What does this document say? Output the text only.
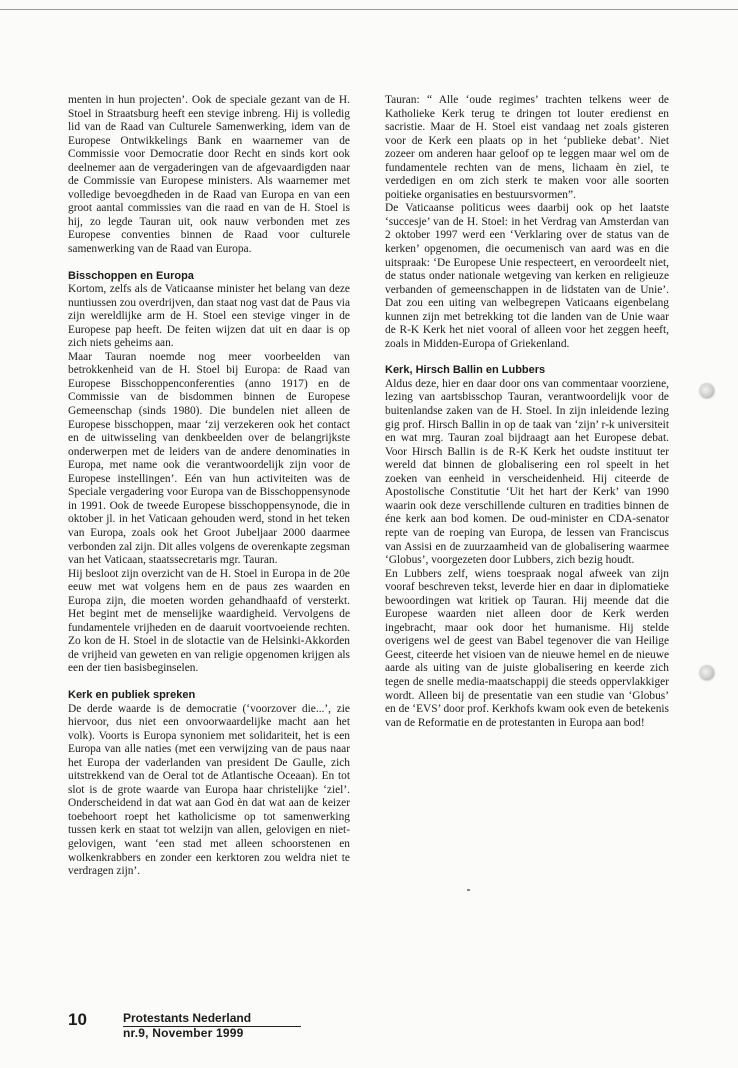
menten in hun projecten’. Ook de speciale gezant van de H. Stoel in Straatsburg heeft een stevige inbreng. Hij is volledig lid van de Raad van Culturele Samenwerking, idem van de Europese Ontwikkelings Bank en waarnemer van de Commissie voor Democratie door Recht en sinds kort ook deelnemer aan de vergaderingen van de afgevaardigden naar de Commissie van Europese ministers. Als waarnemer met volledige bevoegdheden in de Raad van Europa en van een groot aantal commissies van die raad en van de H. Stoel is hij, zo legde Tauran uit, ook nauw verbonden met zes Europese conventies binnen de Raad voor culturele samenwerking van de Raad van Europa.

Bisschoppen en Europa

Kortom, zelfs als de Vaticaanse minister het belang van deze nuntiussen zou overdrijven, dan staat nog vast dat de Paus via zijn wereldlijke arm de H. Stoel een stevige vinger in de Europese pap heeft. De feiten wijzen dat uit en daar is op zich niets geheims aan.

Maar Tauran noemde nog meer voorbeelden van betrokkenheid van de H. Stoel bij Europa: de Raad van Europese Bisschoppenconferenties (anno 1917) en de Commissie van de bisdommen binnen de Europese Gemeenschap (sinds 1980). Die bundelen niet alleen de Europese bisschoppen, maar ‘zij verzekeren ook het contact en de uitwisseling van denkbeelden over de belangrijkste onderwerpen met de leiders van de andere denominaties in Europa, met name ook die verantwoordelijk zijn voor de Europese instellingen’. Eén van hun activiteiten was de Speciale vergadering voor Europa van de Bisschoppensynode in 1991. Ook de tweede Europese bisschoppensynode, die in oktober jl. in het Vaticaan gehouden werd, stond in het teken van Europa, zoals ook het Groot Jubeljaar 2000 daarmee verbonden zal zijn. Dit alles volgens de overenkapte zegsman van het Vaticaan, staatssecretaris mgr. Tauran.

Hij besloot zijn overzicht van de H. Stoel in Europa in de 20e eeuw met wat volgens hem en de paus zes waarden en Europa zijn, die moeten worden gehandhaafd of versterkt. Het begint met de menselijke waardigheid. Vervolgens de fundamentele vrijheden en de daaruit voortvoeiende rechten. Zo kon de H. Stoel in de slotactie van de Helsinki-Akkorden de vrijheid van geweten en van religie opgenomen krijgen als een der tien basisbeginselen.

Kerk en publiek spreken

De derde waarde is de democratie (‘voorzover die...’, zie hiervoor, dus niet een onvoorwaardelijke macht aan het volk). Voorts is Europa synoniem met solidariteit, het is een Europa van alle naties (met een verwijzing van de paus naar het Europa der vaderlanden van president De Gaulle, zich uitstrekkend van de Oeral tot de Atlantische Oceaan). En tot slot is de grote waarde van Europa haar christelijke ‘ziel’. Onderscheidend in dat wat aan God èn dat wat aan de keizer toebehoort roept het katholicisme op tot samenwerking tussen kerk en staat tot welzijn van allen, gelovigen en niet-gelovigen, want ‘een stad met alleen schoorstenen en wolkenkrabbers en zonder een kerktoren zou weldra niet te verdragen zijn’.

Tauran: “ Alle ‘oude regimes’ trachten telkens weer de Katholieke Kerk terug te dringen tot louter eredienst en sacristie. Maar de H. Stoel eist vandaag net zoals gisteren voor de Kerk een plaats op in het ‘publieke debat’. Niet zozeer om anderen haar geloof op te leggen maar wel om de fundamentele rechten van de mens, lichaam èn ziel, te verdedigen en om zich sterk te maken voor alle soorten poitieke organisaties en bestuursvormen”.

De Vaticaanse politicus wees daarbij ook op het laatste ‘succesje’ van de H. Stoel: in het Verdrag van Amsterdan van 2 oktober 1997 werd een ‘Verklaring over de status van de kerken’ opgenomen, die oecumenisch van aard was en die uitspraak: ‘De Europese Unie respecteert, en veroordeelt niet, de status onder nationale wetgeving van kerken en religieuze verbanden of gemeenschappen in de lidstaten van de Unie’. Dat zou een uiting van welbegrepen Vaticaans eigenbelang kunnen zijn met betrekking tot die landen van de Unie waar de R-K Kerk het niet vooral of alleen voor het zeggen heeft, zoals in Midden-Europa of Griekenland.

Kerk, Hirsch Ballin en Lubbers

Aldus deze, hier en daar door ons van commentaar voorziene, lezing van aartsbisschop Tauran, verantwoordelijk voor de buitenlandse zaken van de H. Stoel. In zijn inleidende lezing gig prof. Hirsch Ballin in op de taak van ‘zijn’ r-k universiteit en wat mrg. Tauran zoal bijdraagt aan het Europese debat. Voor Hirsch Ballin is de R-K Kerk het oudste instituut ter wereld dat binnen de globalisering een rol speelt in het zoeken van eenheid in verscheidenheid. Hij citeerde de Apostolische Constitutie ‘Uit het hart der Kerk’ van 1990 waarin ook deze verschillende culturen en tradities binnen de éne kerk aan bod komen. De oud-minister en CDA-senator repte van de roeping van Europa, de lessen van Franciscus van Assisi en de zuurzaamheid van de globalisering waarmee ‘Globus’, voorgezeten door Lubbers, zich bezig houdt.

En Lubbers zelf, wiens toespraak nogal afweek van zijn vooraf beschreven tekst, leverde hier en daar in diplomatieke bewoordingen wat kritiek op Tauran. Hij meende dat die Europese waarden niet alleen door de Kerk werden ingebracht, maar ook door het humanisme. Hij stelde overigens wel de geest van Babel tegenover die van Heilige Geest, citeerde het visioen van de nieuwe hemel en de nieuwe aarde als uiting van de juiste globalisering en keerde zich tegen de snelle media-maatschappij die steeds oppervlakkiger wordt. Alleen bij de presentatie van een studie van ‘Globus’ en de ‘EVS’ door prof. Kerkhofs kwam ook even de betekenis van de Reformatie en de protestanten in Europa aan bod!

10	Protestants Nederland
nr.9, November 1999
